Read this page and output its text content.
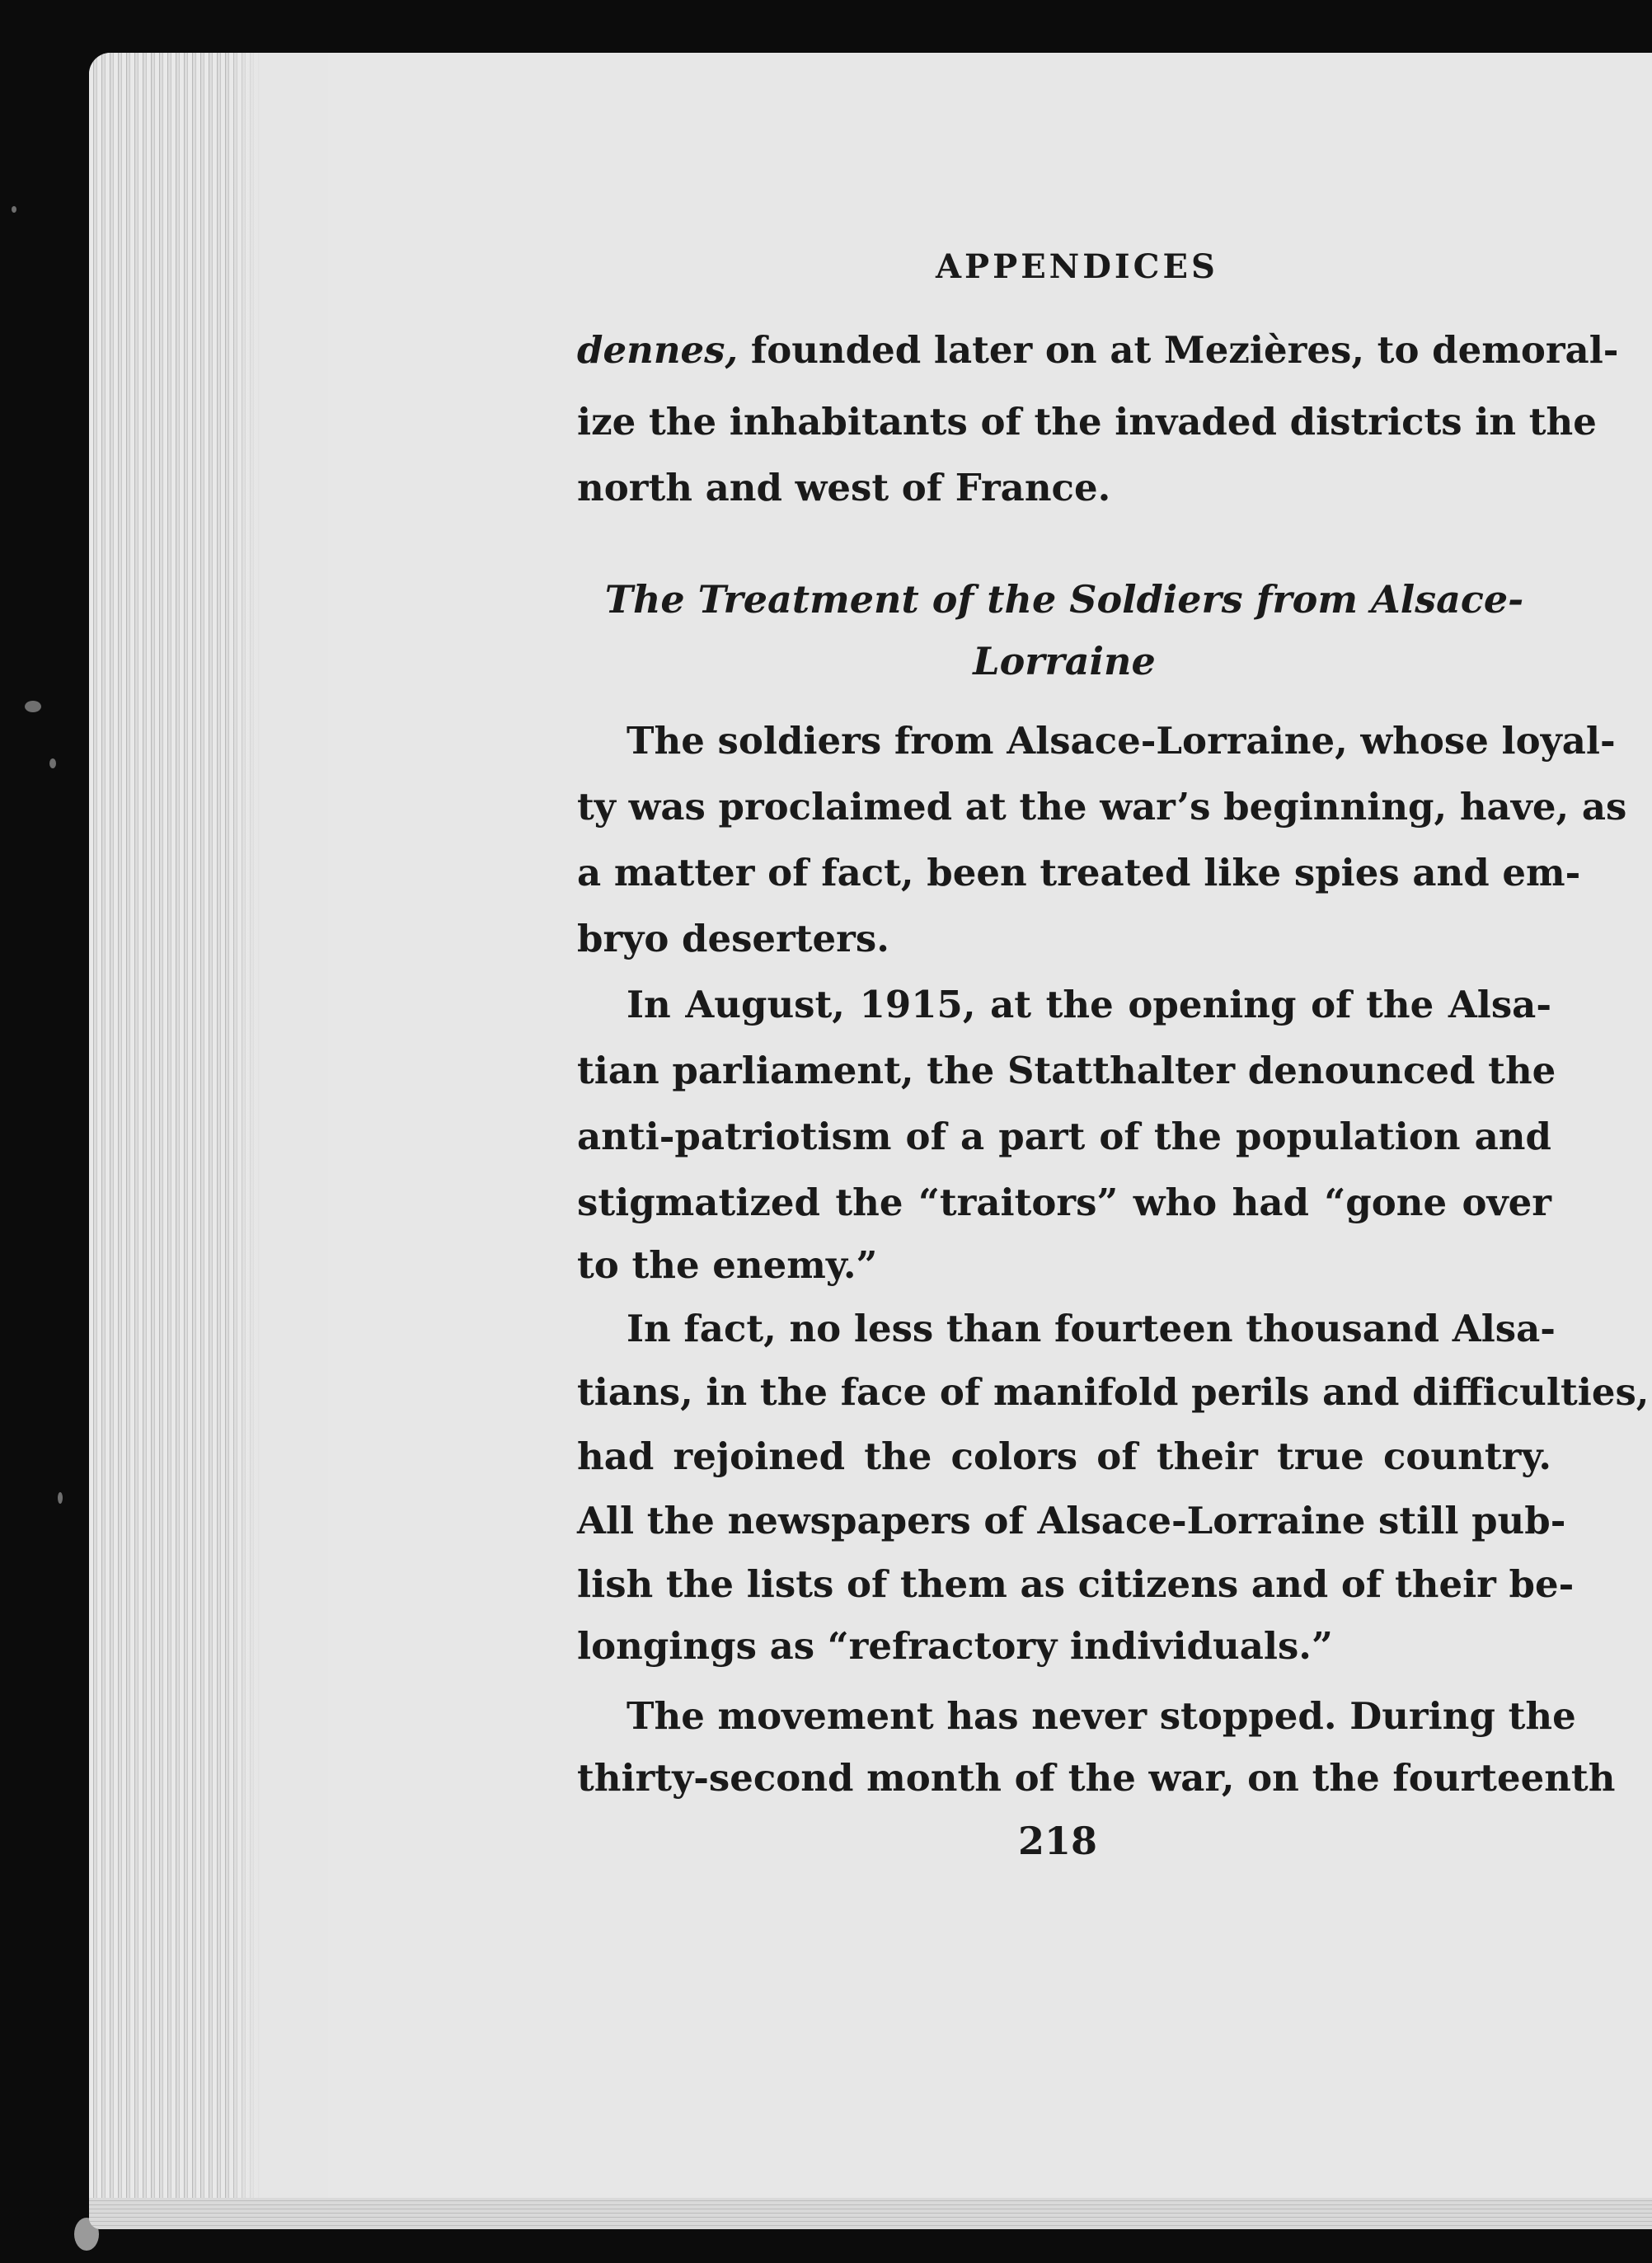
APPENDICES
dennes, founded later on at Mezières, to demoral-
ize the inhabitants of the invaded districts in the
north and west of France.
The Treatment of the Soldiers from Alsace-
Lorraine
The soldiers from Alsace-Lorraine, whose loyal-
ty was proclaimed at the war’s beginning, have, as
a matter of fact, been treated like spies and em-
bryo deserters.
In August, 1915, at the opening of the Alsa-
tian parliament, the Statthalter denounced the
anti-patriotism of a part of the population and
stigmatized the “traitors” who had “gone over
to the enemy.”
In fact, no less than fourteen thousand Alsa-
tians, in the face of manifold perils and difficulties,
had rejoined the colors of their true country.
All the newspapers of Alsace-Lorraine still pub-
lish the lists of them as citizens and of their be-
longings as “refractory individuals.”
The movement has never stopped. During the
thirty-second month of the war, on the fourteenth
218
